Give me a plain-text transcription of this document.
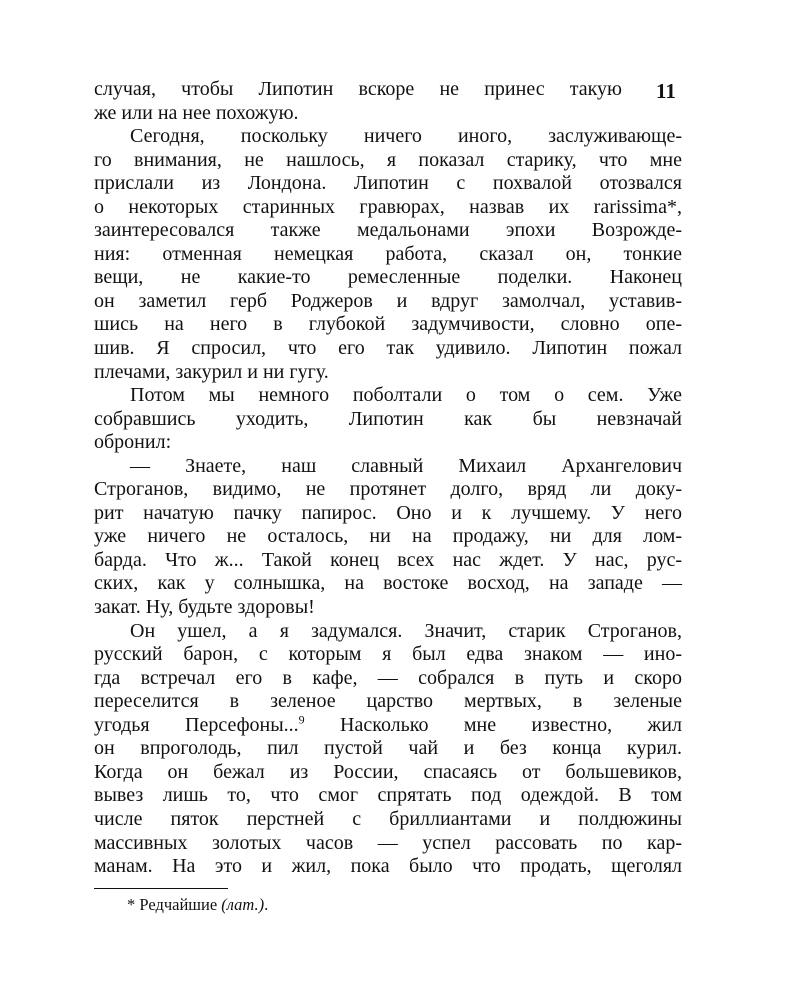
11
случая, чтобы Липотин вскоре не принес такую
же или на нее похожую.
Сегодня, поскольку ничего иного, заслуживающе-
го внимания, не нашлось, я показал старику, что мне
прислали из Лондона. Липотин с похвалой отозвался
о некоторых старинных гравюрах, назвав их rarissima*,
заинтересовался также медальонами эпохи Возрожде-
ния: отменная немецкая работа, сказал он, тонкие
вещи, не какие-то ремесленные поделки. Наконец
он заметил герб Роджеров и вдруг замолчал, уставив-
шись на него в глубокой задумчивости, словно опе-
шив. Я спросил, что его так удивило. Липотин пожал
плечами, закурил и ни гугу.
Потом мы немного поболтали о том о сем. Уже
собравшись уходить, Липотин как бы невзначай
обронил:
— Знаете, наш славный Михаил Архангелович
Строганов, видимо, не протянет долго, вряд ли доку-
рит начатую пачку папирос. Оно и к лучшему. У него
уже ничего не осталось, ни на продажу, ни для лом-
барда. Что ж... Такой конец всех нас ждет. У нас, рус-
ских, как у солнышка, на востоке восход, на западе —
закат. Ну, будьте здоровы!
Он ушел, а я задумался. Значит, старик Строганов,
русский барон, с которым я был едва знаком — ино-
гда встречал его в кафе, — собрался в путь и скоро
переселится в зеленое царство мертвых, в зеленые
угодья Персефоны...$^9$ Насколько мне известно, жил
он впроголодь, пил пустой чай и без конца курил.
Когда он бежал из России, спасаясь от большевиков,
вывез лишь то, что смог спрятать под одеждой. В том
числе пяток перстней с бриллиантами и полдюжины
массивных золотых часов — успел рассовать по кар-
манам. На это и жил, пока было что продать, щеголял
* Редчайшие (лат.).
